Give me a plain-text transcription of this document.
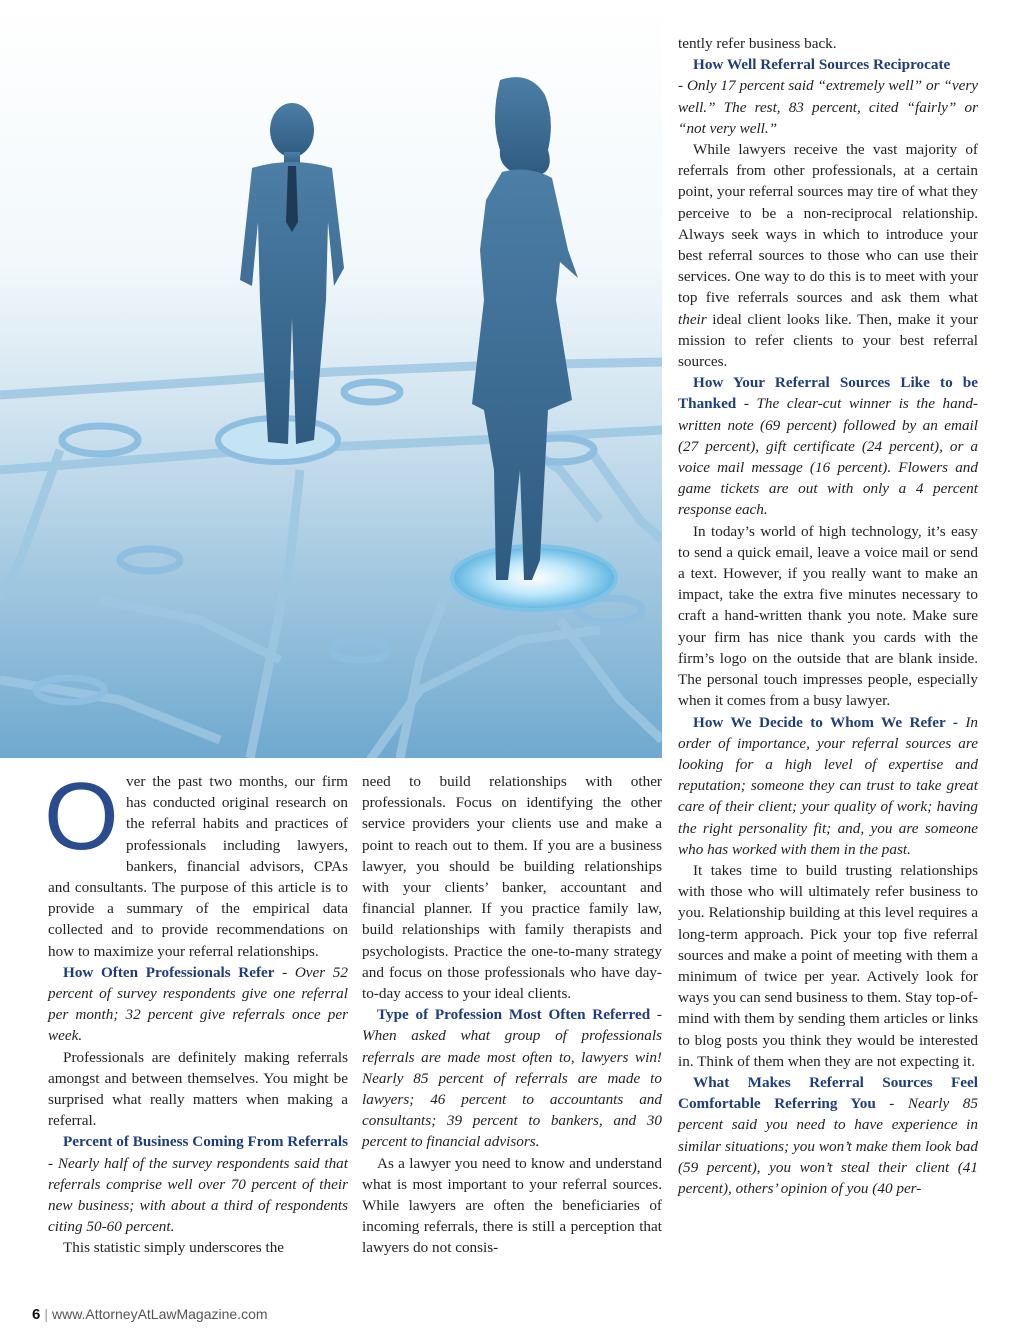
Over the past two months, our firm has conducted original research on the referral habits and practices of professionals including lawyers, bankers, financial advisors, CPAs and consultants. The purpose of this article is to provide a summary of the empirical data collected and to provide recommendations on how to maximize your referral relationships.

How Often Professionals Refer - Over 52 percent of survey respondents give one referral per month; 32 percent give referrals once per week.

Professionals are definitely making referrals amongst and between themselves. You might be surprised what really matters when making a referral.

Percent of Business Coming From Referrals - Nearly half of the survey respondents said that referrals comprise well over 70 percent of their new business; with about a third of respondents citing 50-60 percent.

This statistic simply underscores the

need to build relationships with other professionals. Focus on identifying the other service providers your clients use and make a point to reach out to them. If you are a business lawyer, you should be building relationships with your clients’ banker, accountant and financial planner. If you practice family law, build relationships with family therapists and psychologists. Practice the one-to-many strategy and focus on those professionals who have day-to-day access to your ideal clients.

Type of Profession Most Often Referred - When asked what group of professionals referrals are made most often to, lawyers win! Nearly 85 percent of referrals are made to lawyers; 46 percent to accountants and consultants; 39 percent to bankers, and 30 percent to financial advisors.

As a lawyer you need to know and understand what is most important to your referral sources. While lawyers are often the beneficiaries of incoming referrals, there is still a perception that lawyers do not consis-

tently refer business back.

How Well Referral Sources Reciprocate
- Only 17 percent said “extremely well” or “very well.” The rest, 83 percent, cited “fairly” or “not very well.”

While lawyers receive the vast majority of referrals from other professionals, at a certain point, your referral sources may tire of what they perceive to be a non-reciprocal relationship. Always seek ways in which to introduce your best referral sources to those who can use their services. One way to do this is to meet with your top five referrals sources and ask them what their ideal client looks like. Then, make it your mission to refer clients to your best referral sources.

How Your Referral Sources Like to be Thanked - The clear-cut winner is the hand-written note (69 percent) followed by an email (27 percent), gift certificate (24 percent), or a voice mail message (16 percent). Flowers and game tickets are out with only a 4 percent response each.

In today’s world of high technology, it’s easy to send a quick email, leave a voice mail or send a text. However, if you really want to make an impact, take the extra five minutes necessary to craft a hand-written thank you note. Make sure your firm has nice thank you cards with the firm’s logo on the outside that are blank inside. The personal touch impresses people, especially when it comes from a busy lawyer.

How We Decide to Whom We Refer - In order of importance, your referral sources are looking for a high level of expertise and reputation; someone they can trust to take great care of their client; your quality of work; having the right personality fit; and, you are someone who has worked with them in the past.

It takes time to build trusting relationships with those who will ultimately refer business to you. Relationship building at this level requires a long-term approach. Pick your top five referral sources and make a point of meeting with them a minimum of twice per year. Actively look for ways you can send business to them. Stay top-of-mind with them by sending them articles or links to blog posts you think they would be interested in. Think of them when they are not expecting it.

What Makes Referral Sources Feel Comfortable Referring You - Nearly 85 percent said you need to have experience in similar situations; you won’t make them look bad (59 percent), you won’t steal their client (41 percent), others’ opinion of you (40 per-

6 | www.AttorneyAtLawMagazine.com
